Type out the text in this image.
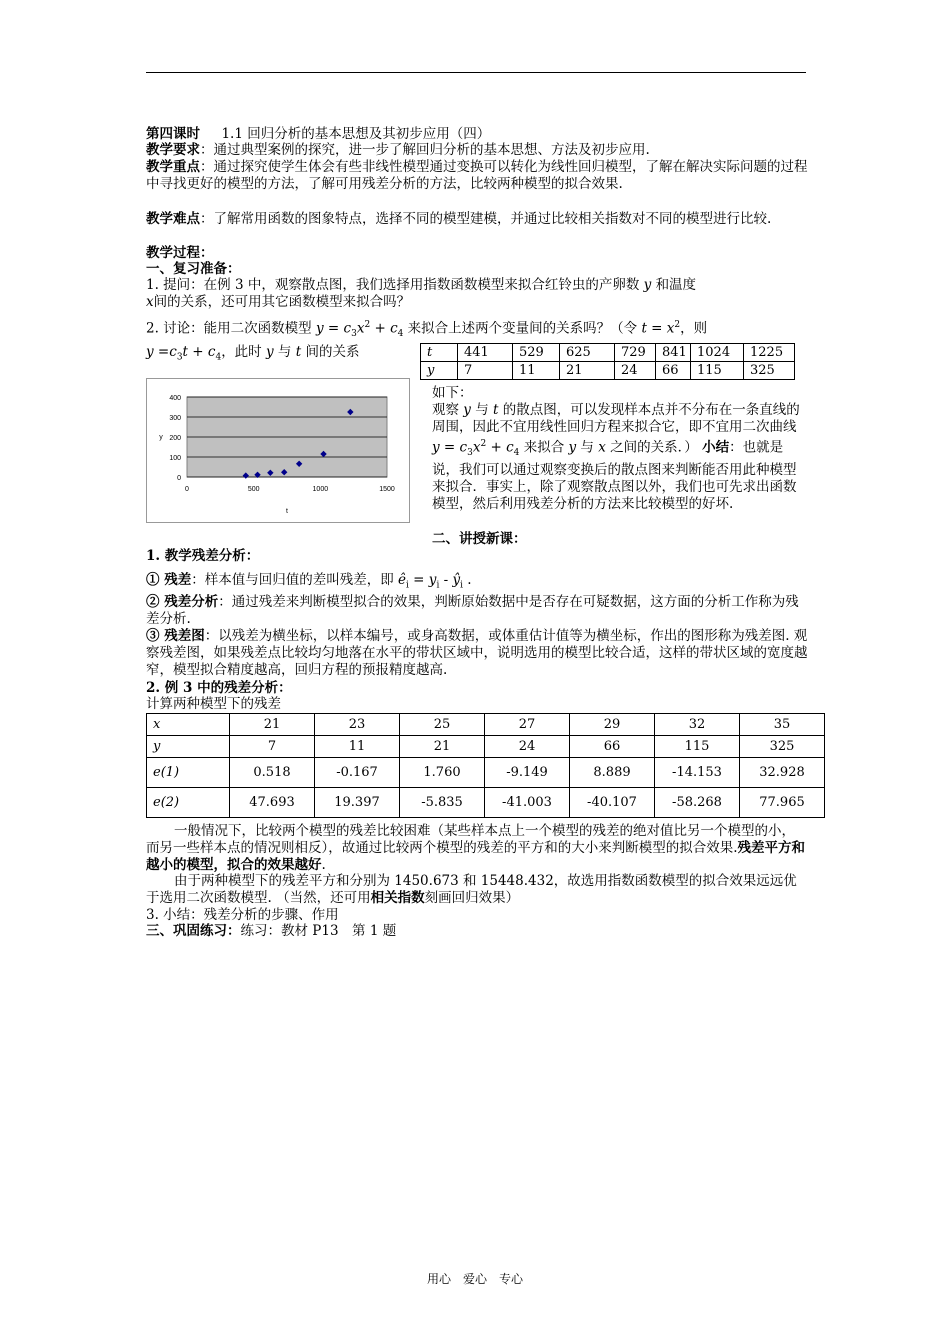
第四课时 1.1 回归分析的基本思想及其初步应用（四）
教学要求：通过典型案例的探究，进一步了解回归分析的基本思想、方法及初步应用.
教学重点：通过探究使学生体会有些非线性模型通过变换可以转化为线性回归模型，了解在解决实际问题的过程中寻找更好的模型的方法，了解可用残差分析的方法，比较两种模型的拟合效果.
教学难点：了解常用函数的图象特点，选择不同的模型建模，并通过比较相关指数对不同的模型进行比较.
教学过程：
一、复习准备：
1. 提问：在例 3 中，观察散点图，我们选择用指数函数模型来拟合红铃虫的产卵数 y 和温度
x间的关系，还可用其它函数模型来拟合吗？
2. 讨论：能用二次函数模型 $y = c_3x^2 + c_4$ 来拟合上述两个变量间的关系吗？（令 $t = x^2$，则
$y =c_3t + c_4$，此时 y 与 t 间的关系	t	441	529	625	729	841	1024	1225
y	7	11	21	24	66	115	325
0
100
200
300
400
0	500	1000	1500
t
y
如下：
观察 y 与 t 的散点图，可以发现样本点并不分布在一条直线的周围，因此不宜用线性回归方程来拟合它，即不宜用二次曲线 $y = c_3x^2 + c_4$ 来拟合 y 与 x 之间的关系．） 小结：也就是说，我们可以通过观察变换后的散点图来判断能否用此种模型来拟合．事实上，除了观察散点图以外，我们也可先求出函数模型，然后利用残差分析的方法来比较模型的好坏.
二、讲授新课：
1. 教学残差分析：
① 残差：样本值与回归值的差叫残差，即 $ê_i = y_i$ - $ŷ_i$ .
② 残差分析：通过残差来判断模型拟合的效果，判断原始数据中是否存在可疑数据，这方面的分析工作称为残差分析.
③ 残差图：以残差为横坐标，以样本编号，或身高数据，或体重估计值等为横坐标，作出的图形称为残差图. 观察残差图，如果残差点比较均匀地落在水平的带状区域中，说明选用的模型比较合适，这样的带状区域的宽度越窄，模型拟合精度越高，回归方程的预报精度越高.
2. 例 3 中的残差分析：
计算两种模型下的残差
x	21	23	25	27	29	32	35
y	7	11	21	24	66	115	325
e(1)	0.518	-0.167	1.760	-9.149	8.889	-14.153	32.928
e(2)	47.693	19.397	-5.835	-41.003	-40.107	-58.268	77.965
一般情况下，比较两个模型的残差比较困难（某些样本点上一个模型的残差的绝对值比另一个模型的小，而另一些样本点的情况则相反），故通过比较两个模型的残差的平方和的大小来判断模型的拟合效果.残差平方和越小的模型，拟合的效果越好.
由于两种模型下的残差平方和分别为 1450.673 和 15448.432，故选用指数函数模型的拟合效果远远优于选用二次函数模型. （当然，还可用相关指数刻画回归效果）
3. 小结：残差分析的步骤、作用
三、巩固练习：练习：教材 P13　第 1 题
用心　爱心　专心
